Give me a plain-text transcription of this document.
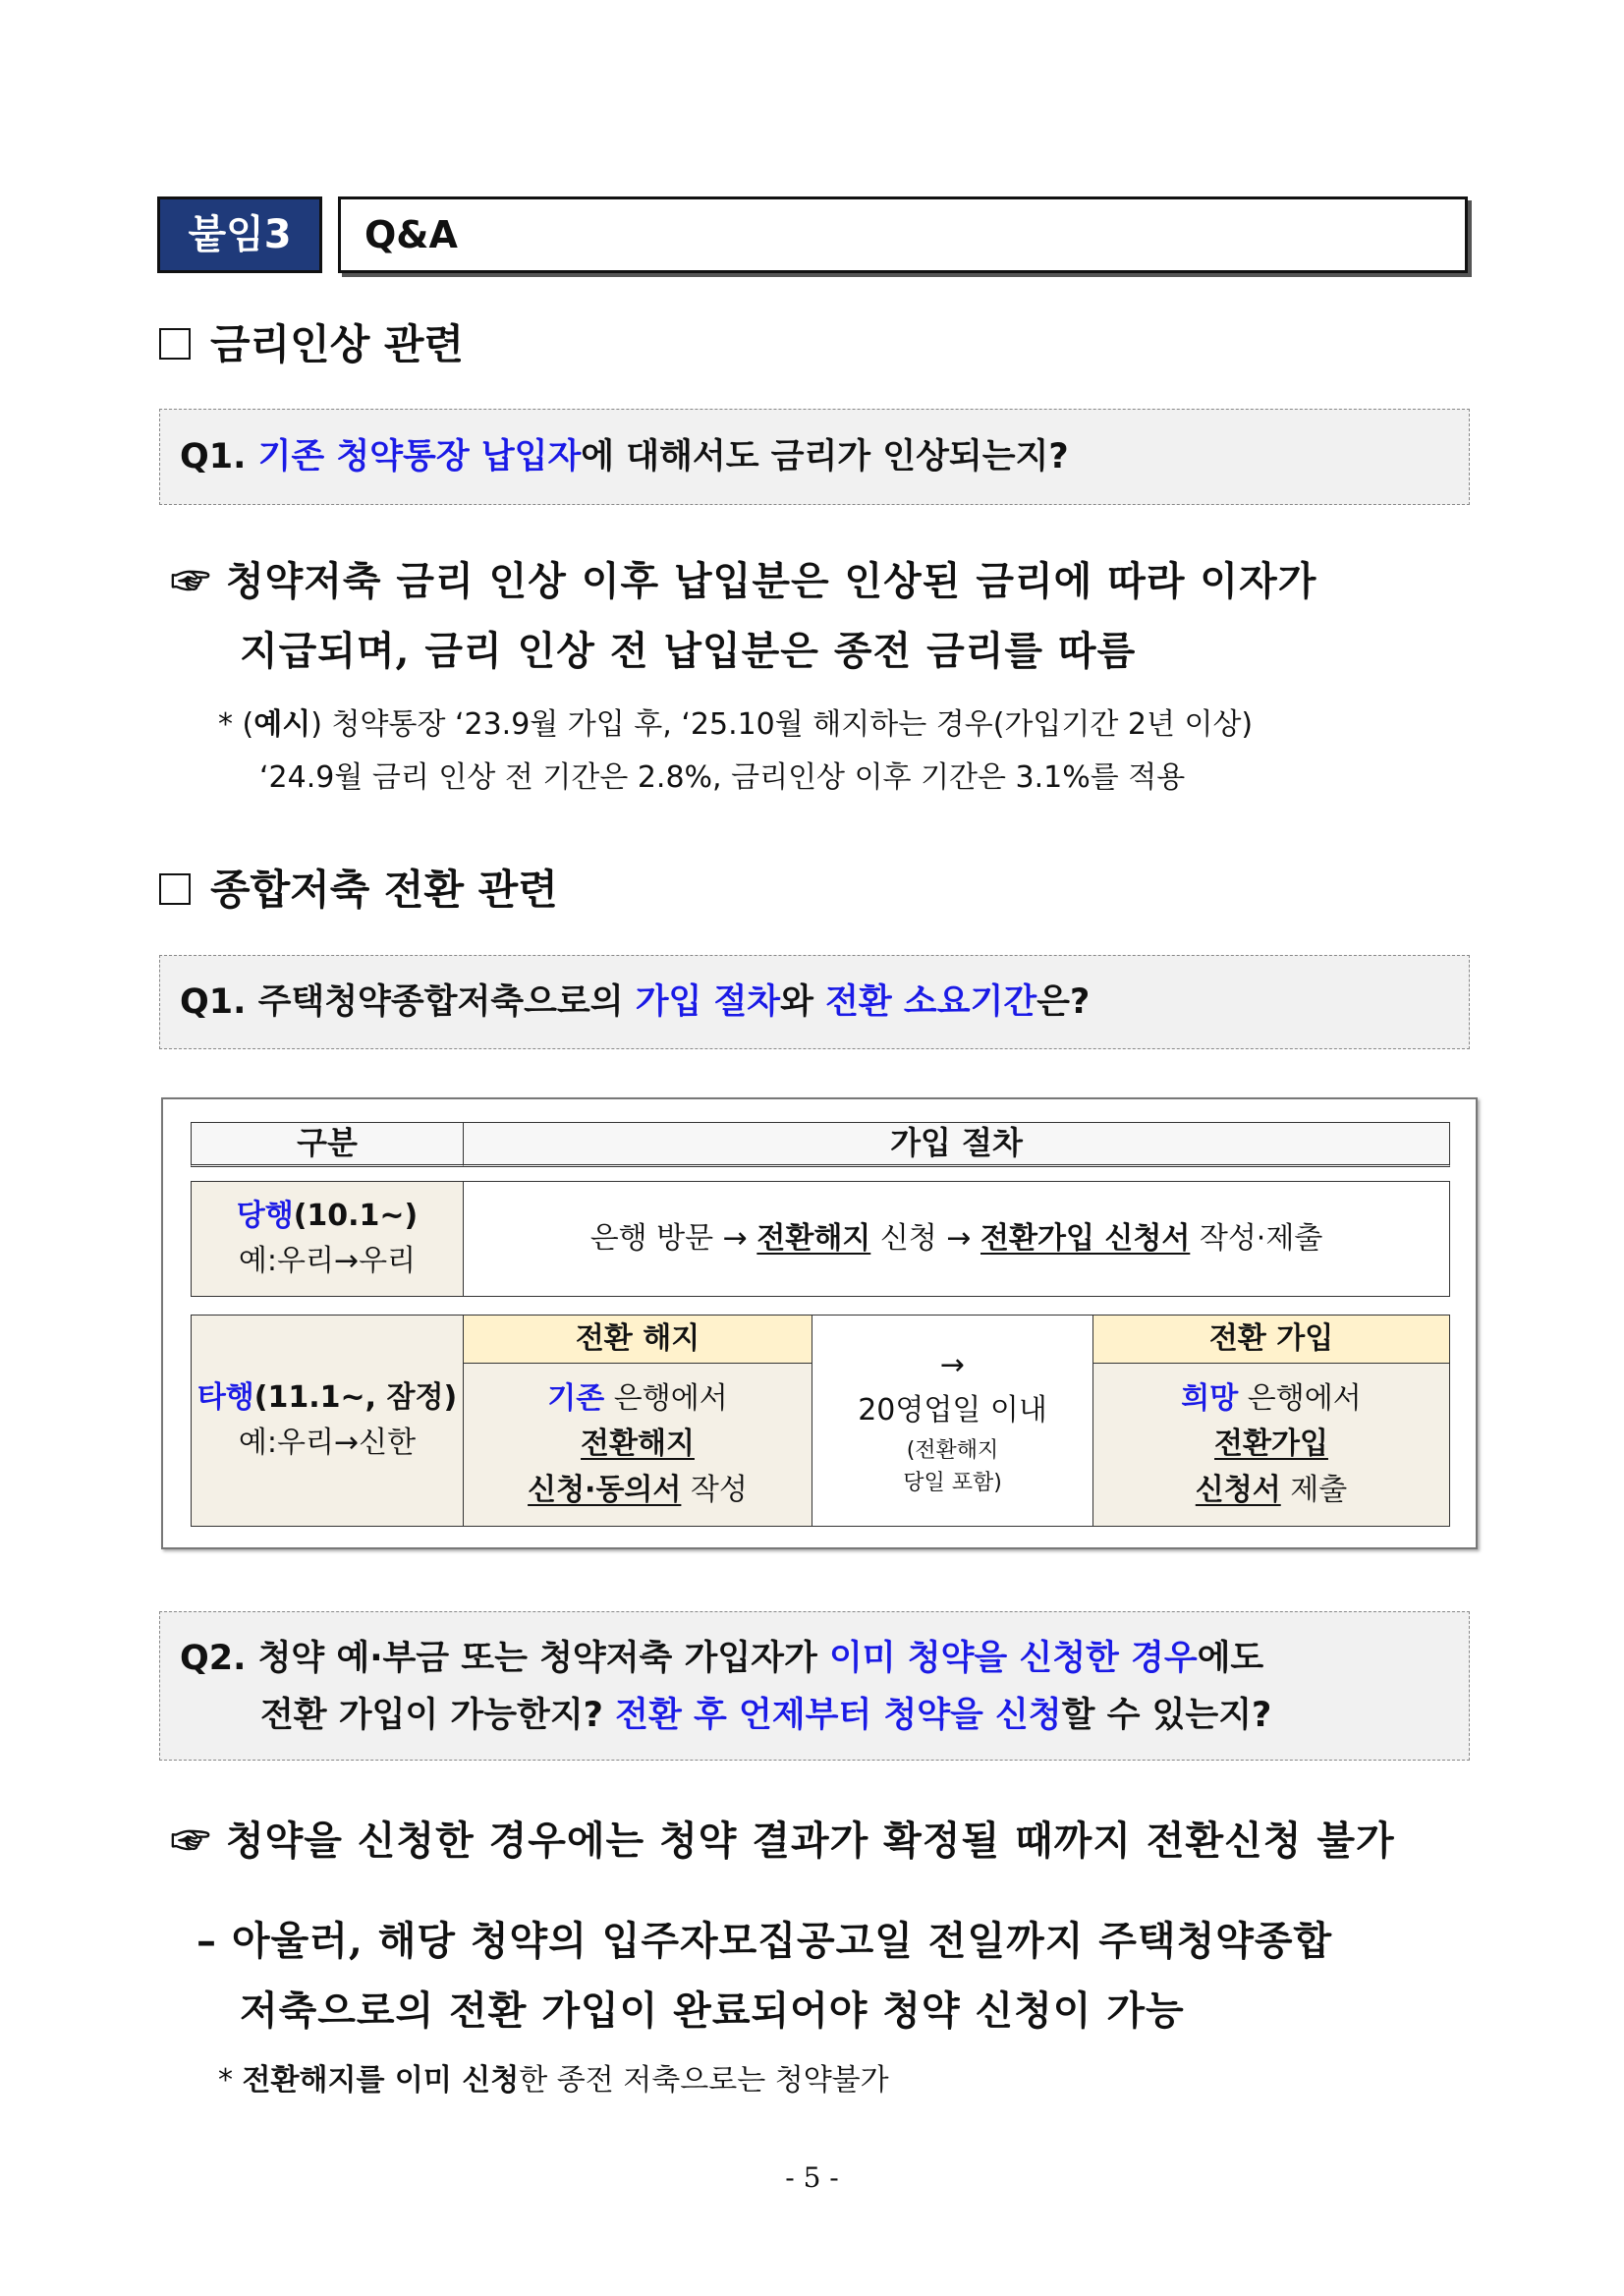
붙임3	Q&A
금리인상 관련
Q1. 기존 청약통장 납입자에 대해서도 금리가 인상되는지?
☞ 청약저축 금리 인상 이후 납입분은 인상된 금리에 따라 이자가
지급되며, 금리 인상 전 납입분은 종전 금리를 따름
* (예시) 청약통장 ‘23.9월 가입 후, ‘25.10월 해지하는 경우(가입기간 2년 이상)
‘24.9월 금리 인상 전 기간은 2.8%, 금리인상 이후 기간은 3.1%를 적용
종합저축 전환 관련
Q1. 주택청약종합저축으로의 가입 절차와 전환 소요기간은?
구분	가입 절차
당행(10.1~)
예:우리→우리
은행 방문 → 전환해지 신청 → 전환가입 신청서 작성·제출
타행(11.1~, 잠정)
예:우리→신한
전환 해지
기존 은행에서
전환해지
신청·동의서 작성
→
20영업일 이내
(전환해지
당일 포함)
전환 가입
희망 은행에서
전환가입
신청서 제출
Q2. 청약 예·부금 또는 청약저축 가입자가 이미 청약을 신청한 경우에도
전환 가입이 가능한지? 전환 후 언제부터 청약을 신청할 수 있는지?
☞ 청약을 신청한 경우에는 청약 결과가 확정될 때까지 전환신청 불가
– 아울러, 해당 청약의 입주자모집공고일 전일까지 주택청약종합
저축으로의 전환 가입이 완료되어야 청약 신청이 가능
* 전환해지를 이미 신청한 종전 저축으로는 청약불가
- 5 -
